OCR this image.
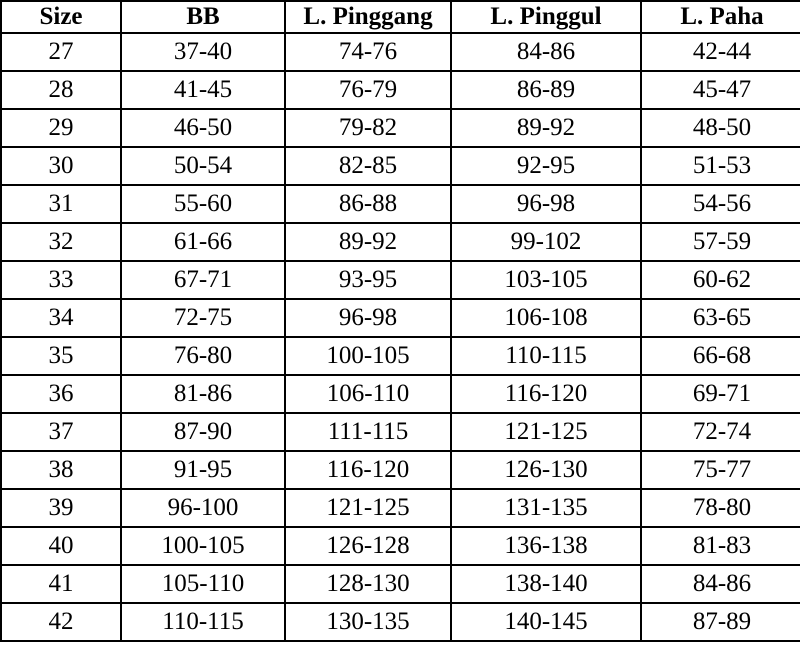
Size	BB	L. Pinggang	L. Pinggul	L. Paha
27	37-40	74-76	84-86	42-44
28	41-45	76-79	86-89	45-47
29	46-50	79-82	89-92	48-50
30	50-54	82-85	92-95	51-53
31	55-60	86-88	96-98	54-56
32	61-66	89-92	99-102	57-59
33	67-71	93-95	103-105	60-62
34	72-75	96-98	106-108	63-65
35	76-80	100-105	110-115	66-68
36	81-86	106-110	116-120	69-71
37	87-90	111-115	121-125	72-74
38	91-95	116-120	126-130	75-77
39	96-100	121-125	131-135	78-80
40	100-105	126-128	136-138	81-83
41	105-110	128-130	138-140	84-86
42	110-115	130-135	140-145	87-89
